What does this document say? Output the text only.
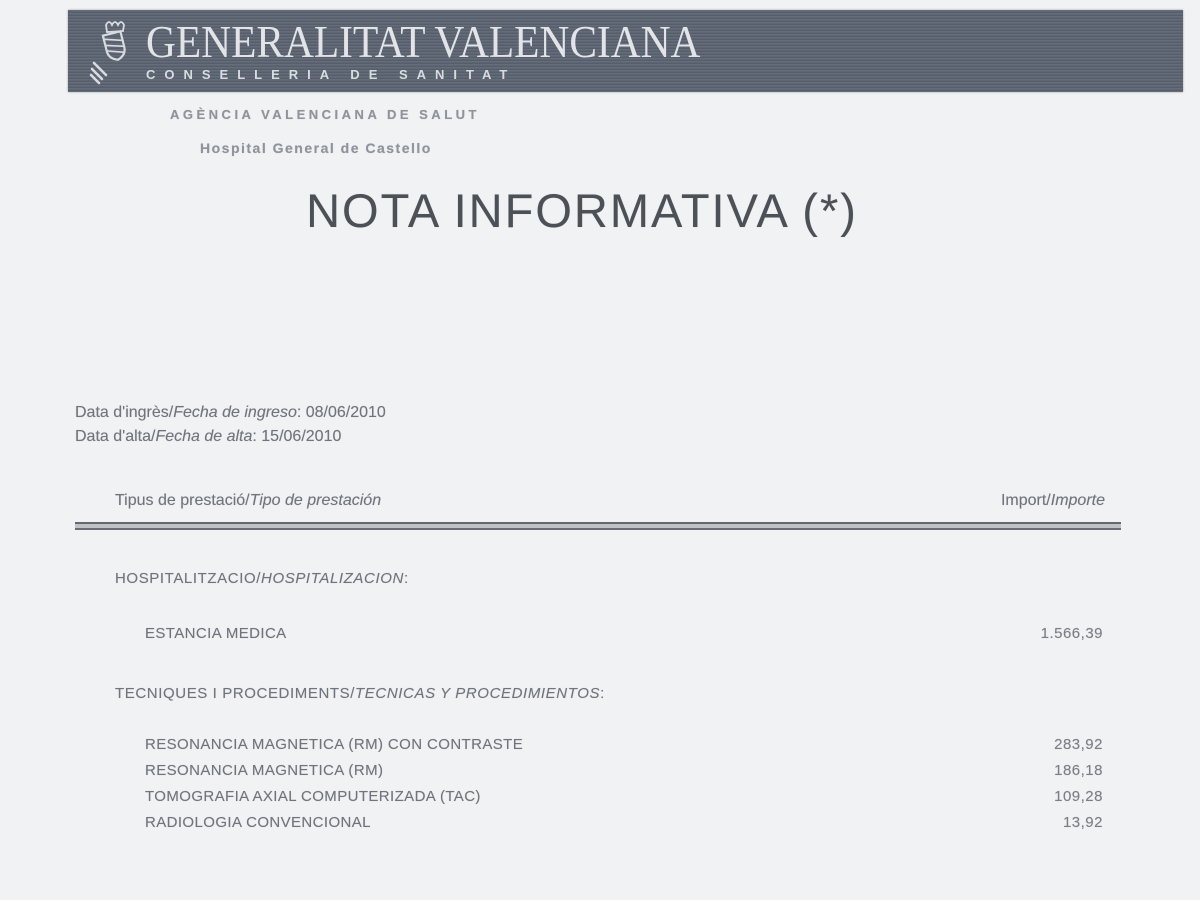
GENERALITAT VALENCIANA
CONSELLERIA DE SANITAT
AGÈNCIA VALENCIANA DE SALUT
Hospital General de Castello
NOTA INFORMATIVA (*)
Data d'ingrès/Fecha de ingreso: 08/06/2010
Data d'alta/Fecha de alta: 15/06/2010
Tipus de prestació/Tipo de prestación	Import/Importe
HOSPITALITZACIO/HOSPITALIZACION:
ESTANCIA MEDICA	1.566,39
TECNIQUES I PROCEDIMENTS/TECNICAS Y PROCEDIMIENTOS:
RESONANCIA MAGNETICA (RM) CON CONTRASTE	283,92
RESONANCIA MAGNETICA (RM)	186,18
TOMOGRAFIA AXIAL COMPUTERIZADA (TAC)	109,28
RADIOLOGIA CONVENCIONAL	13,92
